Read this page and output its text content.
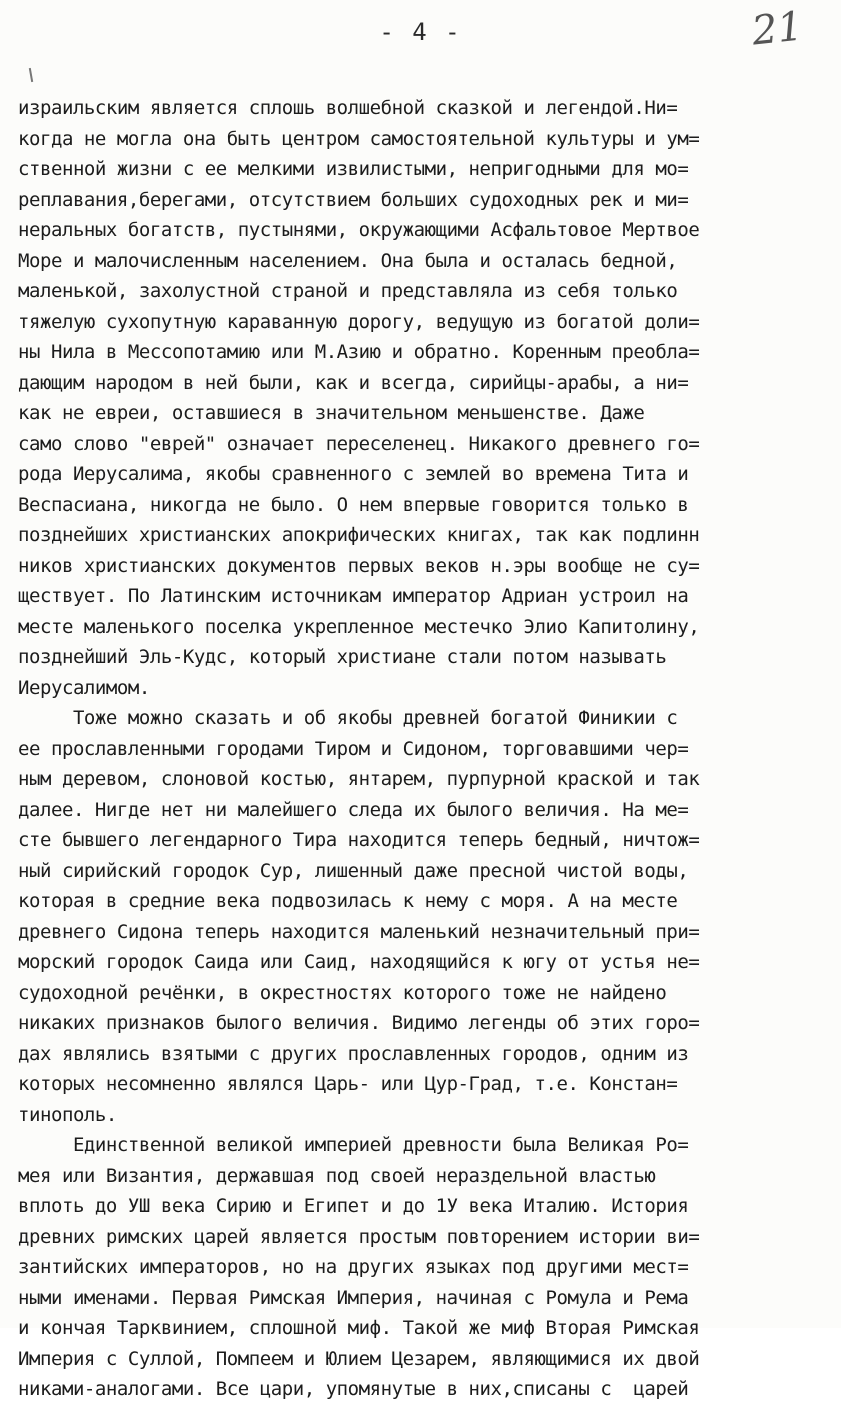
- 4 -	21
израильским является сплошь волшебной сказкой и легендой.Ни=
когда не могла она быть центром самостоятельной культуры и ум=
ственной жизни с ее мелкими извилистыми, непригодными для мо=
реплавания,берегами, отсутствием больших судоходных рек и ми=
неральных богатств, пустынями, окружающими Асфальтовое Мертвое
Море и малочисленным населением. Она была и осталась бедной,
маленькой, захолустной страной и представляла из себя только
тяжелую сухопутную караванную дорогу, ведущую из богатой доли=
ны Нила в Мессопотамию или М.Азию и обратно. Коренным преобла=
дающим народом в ней были, как и всегда, сирийцы-арабы, а ни=
как не евреи, оставшиеся в значительном меньшенстве. Даже
само слово "еврей" означает переселенец. Никакого древнего го=
рода Иерусалима, якобы сравненного с землей во времена Тита и
Веспасиана, никогда не было. О нем впервые говорится только в
позднейших христианских апокрифических книгах, так как подлинн
ников христианских документов первых веков н.эры вообще не су=
ществует. По Латинским источникам император Адриан устроил на
месте маленького поселка укрепленное местечко Элио Капитолину,
позднейший Эль-Кудс, который христиане стали потом называть
Иерусалимом.
Тоже можно сказать и об якобы древней богатой Финикии с
ее прославленными городами Тиром и Сидоном, торговавшими чер=
ным деревом, слоновой костью, янтарем, пурпурной краской и так
далее. Нигде нет ни малейшего следа их былого величия. На ме=
сте бывшего легендарного Тира находится теперь бедный, ничтож=
ный сирийский городок Сур, лишенный даже пресной чистой воды,
которая в средние века подвозилась к нему с моря. А на месте
древнего Сидона теперь находится маленький незначительный при=
морский городок Саида или Саид, находящийся к югу от устья не=
судоходной речёнки, в окрестностях которого тоже не найдено
никаких признаков былого величия. Видимо легенды об этих горо=
дах являлись взятыми с других прославленных городов, одним из
которых несомненно являлся Царь- или Цур-Град, т.е. Констан=
тинополь.
Единственной великой империей древности была Великая Ро=
мея или Византия, державшая под своей нераздельной властью
вплоть до УШ века Сирию и Египет и до 1У века Италию. История
древних римских царей является простым повторением истории ви=
зантийских императоров, но на других языках под другими мест=
ными именами. Первая Римская Империя, начиная с Ромула и Рема
и кончая Тарквинием, сплошной миф. Такой же миф Вторая Римская
Империя с Суллой, Помпеем и Юлием Цезарем, являющимися их двой
никами-аналогами. Все цари, упомянутые в них,списаны с  царей
